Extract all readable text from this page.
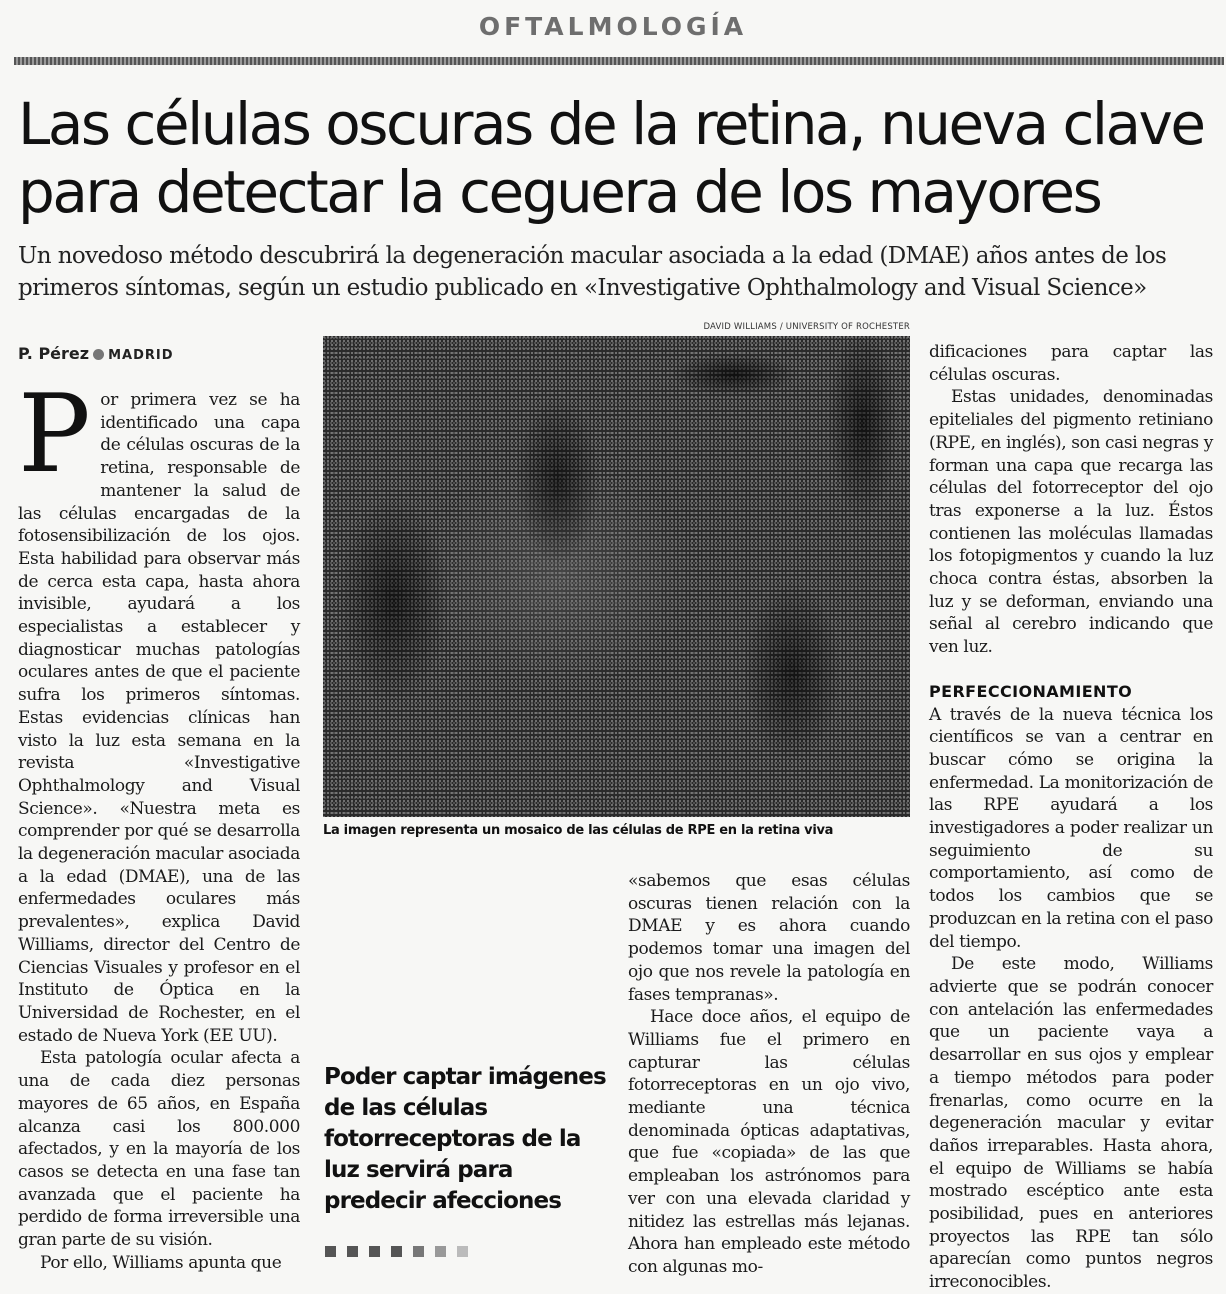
OFTALMOLOGÍA
Las células oscuras de la retina, nueva clave para detectar la ceguera de los mayores

Un novedoso método descubrirá la degeneración macular asociada a la edad (DMAE) años antes de los primeros síntomas, según un estudio publicado en «Investigative Ophthalmology and Visual Science»

P. Pérez MADRID

Por primera vez se ha identificado una capa de células oscuras de la retina, responsable de mantener la salud de las células encargadas de la fotosensibilización de los ojos. Esta habilidad para observar más de cerca esta capa, hasta ahora invisible, ayudará a los especialistas a establecer y diagnosticar muchas patologías oculares antes de que el paciente sufra los primeros síntomas. Estas evidencias clínicas han visto la luz esta semana en la revista «Investigative Ophthalmology and Visual Science». «Nuestra meta es comprender por qué se desarrolla la degeneración macular asociada a la edad (DMAE), una de las enfermedades oculares más prevalentes», explica David Williams, director del Centro de Ciencias Visuales y profesor en el Instituto de Óptica en la Universidad de Rochester, en el estado de Nueva York (EE UU).

Esta patología ocular afecta a una de cada diez personas mayores de 65 años, en España alcanza casi los 800.000 afectados, y en la mayoría de los casos se detecta en una fase tan avanzada que el paciente ha perdido de forma irreversible una gran parte de su visión.

Por ello, Williams apunta que

DAVID WILLIAMS / UNIVERSITY OF ROCHESTER
La imagen representa un mosaico de las células de RPE en la retina viva

Poder captar imágenes de las células fotorreceptoras de la luz servirá para predecir afecciones

«sabemos que esas células oscuras tienen relación con la DMAE y es ahora cuando podemos tomar una imagen del ojo que nos revele la patología en fases tempranas».

Hace doce años, el equipo de Williams fue el primero en capturar las células fotorreceptoras en un ojo vivo, mediante una técnica denominada ópticas adaptativas, que fue «copiada» de las que empleaban los astrónomos para ver con una elevada claridad y nitidez las estrellas más lejanas. Ahora han empleado este método con algunas mo-

dificaciones para captar las células oscuras.

Estas unidades, denominadas epiteliales del pigmento retiniano (RPE, en inglés), son casi negras y forman una capa que recarga las células del fotorreceptor del ojo tras exponerse a la luz. Éstos contienen las moléculas llamadas los fotopigmentos y cuando la luz choca contra éstas, absorben la luz y se deforman, enviando una señal al cerebro indicando que ven luz.

PERFECCIONAMIENTO

A través de la nueva técnica los científicos se van a centrar en buscar cómo se origina la enfermedad. La monitorización de las RPE ayudará a los investigadores a poder realizar un seguimiento de su comportamiento, así como de todos los cambios que se produzcan en la retina con el paso del tiempo.

De este modo, Williams advierte que se podrán conocer con antelación las enfermedades que un paciente vaya a desarrollar en sus ojos y emplear a tiempo métodos para poder frenarlas, como ocurre en la degeneración macular y evitar daños irreparables. Hasta ahora, el equipo de Williams se había mostrado escéptico ante esta posibilidad, pues en anteriores proyectos las RPE tan sólo aparecían como puntos negros irreconocibles.
